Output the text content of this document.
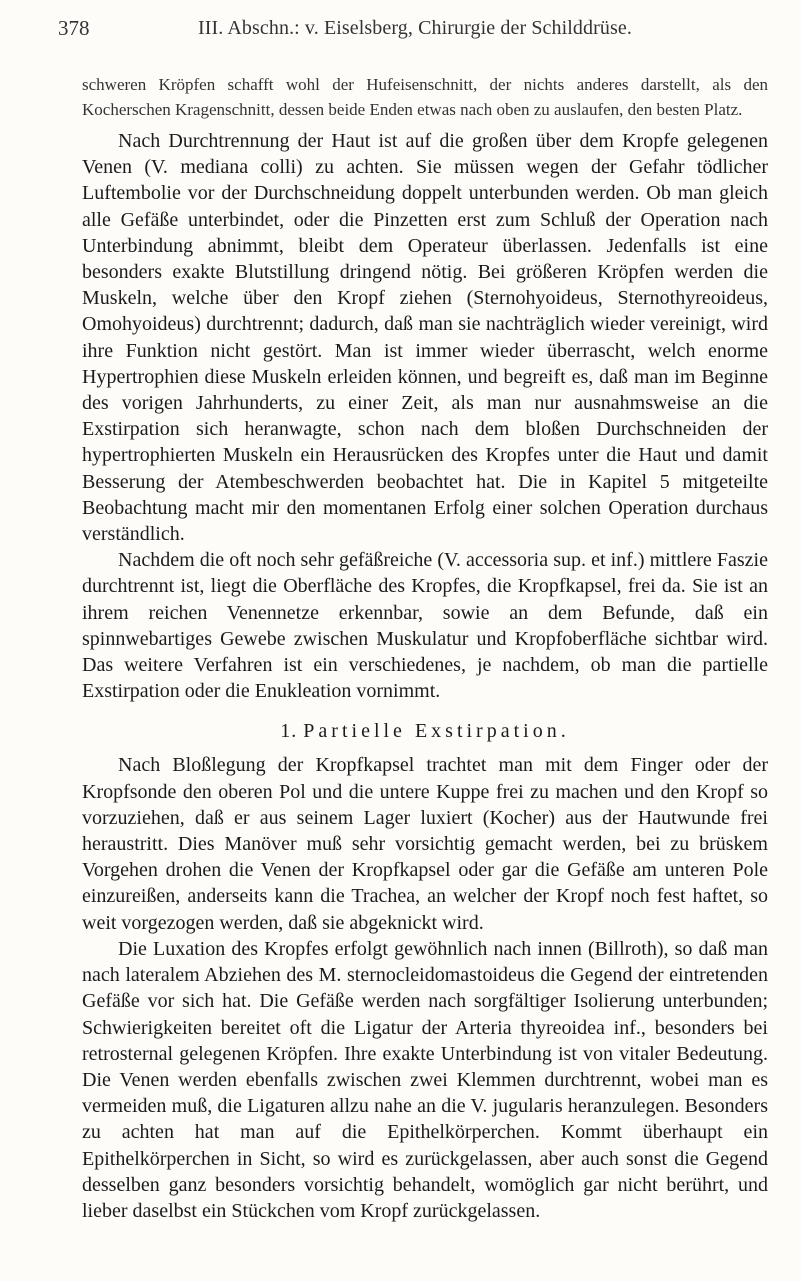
378	III. Abschn.: v. Eiselsberg, Chirurgie der Schilddrüse.

schweren Kröpfen schafft wohl der Hufeisenschnitt, der nichts anderes darstellt, als den Kocherschen Kragenschnitt, dessen beide Enden etwas nach oben zu auslaufen, den besten Platz.

Nach Durchtrennung der Haut ist auf die großen über dem Kropfe gelegenen Venen (V. mediana colli) zu achten. Sie müssen wegen der Gefahr tödlicher Luftembolie vor der Durchschneidung doppelt unterbunden werden. Ob man gleich alle Gefäße unterbindet, oder die Pinzetten erst zum Schluß der Operation nach Unterbindung abnimmt, bleibt dem Operateur überlassen. Jedenfalls ist eine besonders exakte Blutstillung dringend nötig. Bei größeren Kröpfen werden die Muskeln, welche über den Kropf ziehen (Sternohyoideus, Sternothyreoideus, Omohyoideus) durchtrennt; dadurch, daß man sie nachträglich wieder vereinigt, wird ihre Funktion nicht gestört. Man ist immer wieder überrascht, welch enorme Hypertrophien diese Muskeln erleiden können, und begreift es, daß man im Beginne des vorigen Jahrhunderts, zu einer Zeit, als man nur ausnahmsweise an die Exstirpation sich heranwagte, schon nach dem bloßen Durchschneiden der hypertrophierten Muskeln ein Herausrücken des Kropfes unter die Haut und damit Besserung der Atembeschwerden beobachtet hat. Die in Kapitel 5 mitgeteilte Beobachtung macht mir den momentanen Erfolg einer solchen Operation durchaus verständlich.

Nachdem die oft noch sehr gefäßreiche (V. accessoria sup. et inf.) mittlere Faszie durchtrennt ist, liegt die Oberfläche des Kropfes, die Kropfkapsel, frei da. Sie ist an ihrem reichen Venennetze erkennbar, sowie an dem Befunde, daß ein spinnwebartiges Gewebe zwischen Muskulatur und Kropfoberfläche sichtbar wird. Das weitere Verfahren ist ein verschiedenes, je nachdem, ob man die partielle Exstirpation oder die Enukleation vornimmt.

1. Partielle Exstirpation.

Nach Bloßlegung der Kropfkapsel trachtet man mit dem Finger oder der Kropfsonde den oberen Pol und die untere Kuppe frei zu machen und den Kropf so vorzuziehen, daß er aus seinem Lager luxiert (Kocher) aus der Hautwunde frei heraustritt. Dies Manöver muß sehr vorsichtig gemacht werden, bei zu brüskem Vorgehen drohen die Venen der Kropfkapsel oder gar die Gefäße am unteren Pole einzureißen, anderseits kann die Trachea, an welcher der Kropf noch fest haftet, so weit vorgezogen werden, daß sie abgeknickt wird.

Die Luxation des Kropfes erfolgt gewöhnlich nach innen (Billroth), so daß man nach lateralem Abziehen des M. sternocleidomastoideus die Gegend der eintretenden Gefäße vor sich hat. Die Gefäße werden nach sorgfältiger Isolierung unterbunden; Schwierigkeiten bereitet oft die Ligatur der Arteria thyreoidea inf., besonders bei retrosternal gelegenen Kröpfen. Ihre exakte Unterbindung ist von vitaler Bedeutung. Die Venen werden ebenfalls zwischen zwei Klemmen durchtrennt, wobei man es vermeiden muß, die Ligaturen allzu nahe an die V. jugularis heranzulegen. Besonders zu achten hat man auf die Epithelkörperchen. Kommt überhaupt ein Epithelkörperchen in Sicht, so wird es zurückgelassen, aber auch sonst die Gegend desselben ganz besonders vorsichtig behandelt, womöglich gar nicht berührt, und lieber daselbst ein Stückchen vom Kropf zurückgelassen.
